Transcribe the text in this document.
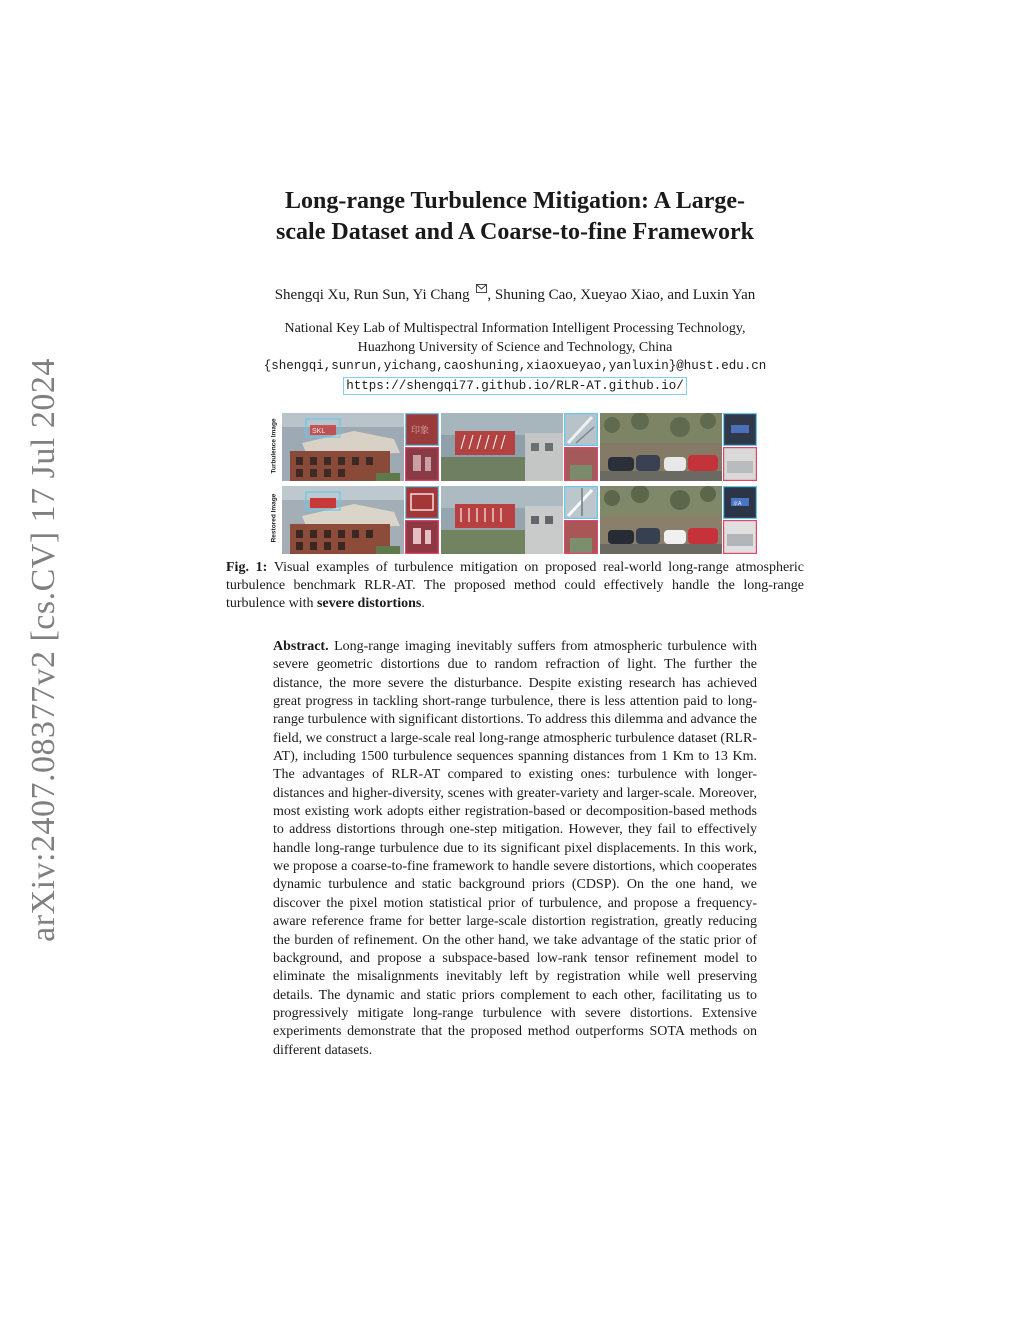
arXiv:2407.08377v2 [cs.CV] 17 Jul 2024
Long-range Turbulence Mitigation: A Large-
scale Dataset and A Coarse-to-fine Framework
Shengqi Xu, Run Sun, Yi Chang , Shuning Cao, Xueyao Xiao, and Luxin Yan
National Key Lab of Multispectral Information Intelligent Processing Technology,
Huazhong University of Science and Technology, China
{shengqi,sunrun,yichang,caoshuning,xiaoxueyao,yanluxin}@hust.edu.cn
https://shengqi77.github.io/RLR-AT.github.io/
Turbulence Image
Restored Image
SKL	印象
京A
Fig. 1: Visual examples of turbulence mitigation on proposed real-world long-range atmospheric turbulence benchmark RLR-AT. The proposed method could effectively handle the long-range turbulence with severe distortions.
Abstract. Long-range imaging inevitably suffers from atmospheric turbulence with severe geometric distortions due to random refraction of light. The further the distance, the more severe the disturbance. Despite existing research has achieved great progress in tackling short-range turbulence, there is less attention paid to long-range turbulence with significant distortions. To address this dilemma and advance the field, we construct a large-scale real long-range atmospheric turbulence dataset (RLR-AT), including 1500 turbulence sequences spanning distances from 1 Km to 13 Km. The advantages of RLR-AT compared to existing ones: turbulence with longer-distances and higher-diversity, scenes with greater-variety and larger-scale. Moreover, most existing work adopts either registration-based or decomposition-based methods to address distortions through one-step mitigation. However, they fail to effectively handle long-range turbulence due to its significant pixel displacements. In this work, we propose a coarse-to-fine framework to handle severe distortions, which cooperates dynamic turbulence and static background priors (CDSP). On the one hand, we discover the pixel motion statistical prior of turbulence, and propose a frequency-aware reference frame for better large-scale distortion registration, greatly reducing the burden of refinement. On the other hand, we take advantage of the static prior of background, and propose a subspace-based low-rank tensor refinement model to eliminate the misalignments inevitably left by registration while well preserving details. The dynamic and static priors complement to each other, facilitating us to progressively mitigate long-range turbulence with severe distortions. Extensive experiments demonstrate that the proposed method outperforms SOTA methods on different datasets.
